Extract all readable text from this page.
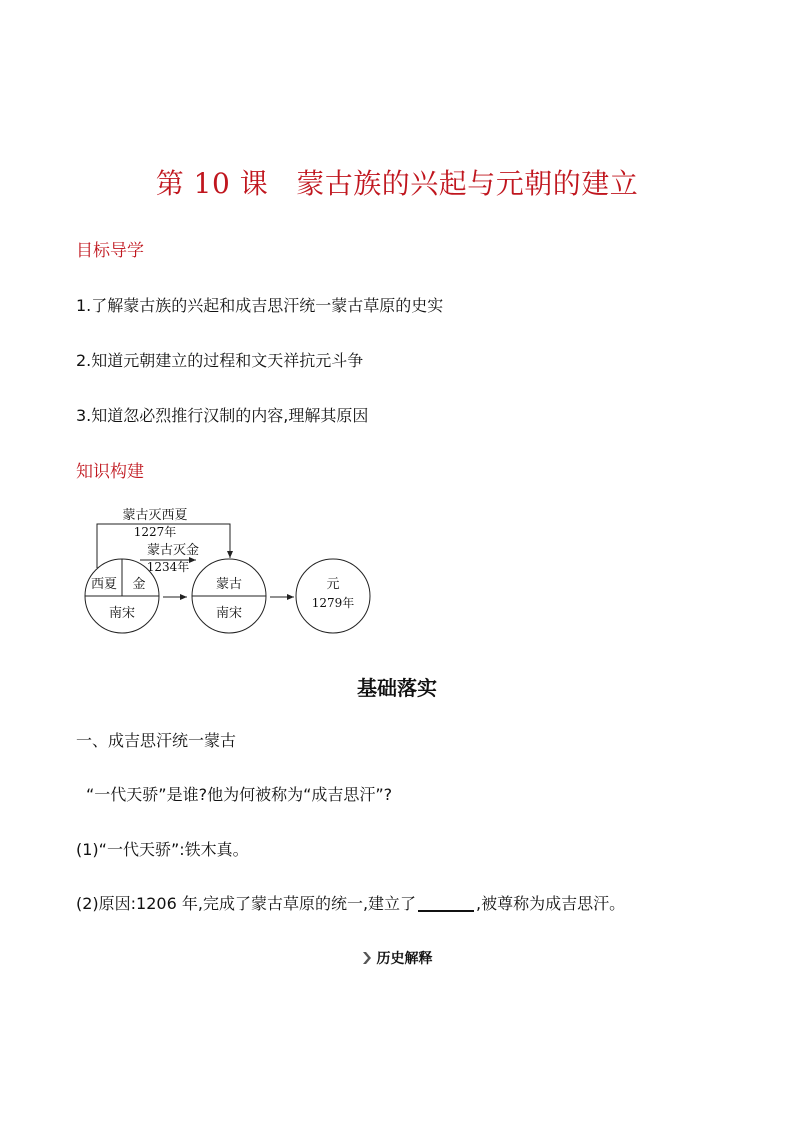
第 10 课 蒙古族的兴起与元朝的建立
目标导学
1.了解蒙古族的兴起和成吉思汗统一蒙古草原的史实
2.知道元朝建立的过程和文天祥抗元斗争
3.知道忽必烈推行汉制的内容,理解其原因
知识构建
蒙古灭西夏
1227年
蒙古灭金
1234年
西夏 金
南宋
蒙古
南宋
元
1279年
基础落实
一、成吉思汗统一蒙古
“一代天骄”是谁?他为何被称为“成吉思汗”?
(1)“一代天骄”:铁木真。
(2)原因:1206 年,完成了蒙古草原的统一,建立了	,被尊称为成吉思汗。
历史解释
